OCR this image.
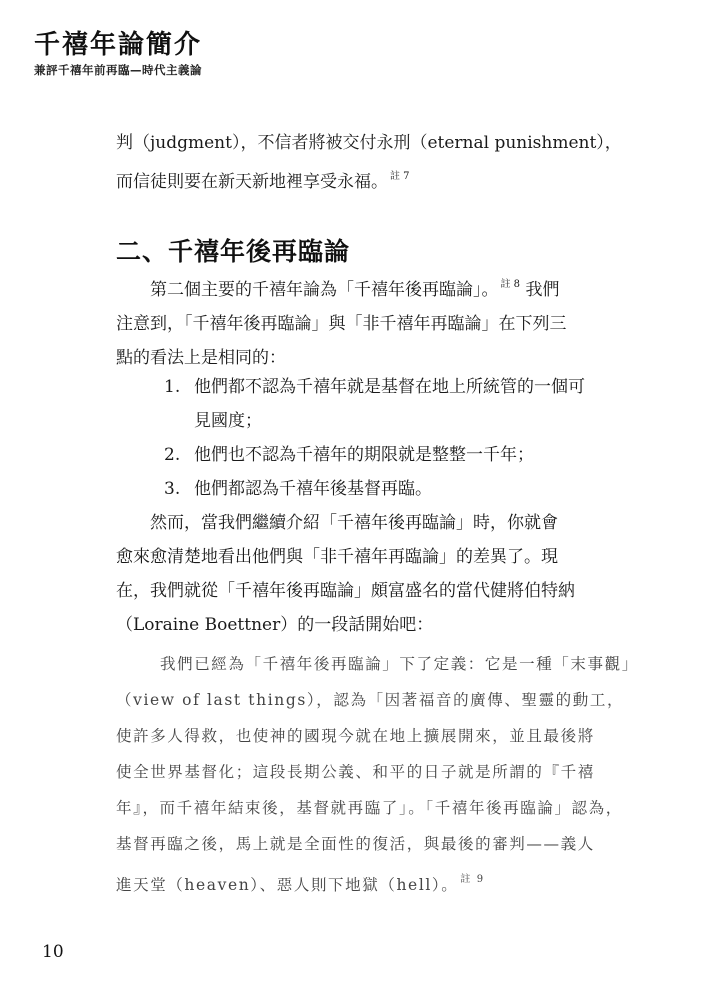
千禧年論簡介
兼評千禧年前再臨—時代主義論
判（judgment），不信者將被交付永刑（eternal punishment），
而信徒則要在新天新地裡享受永福。 $^{註 7}$
二、千禧年後再臨論
第二個主要的千禧年論為「千禧年後再臨論」。 $^{註 8}$ 我們
注意到，「千禧年後再臨論」與「非千禧年再臨論」在下列三
點的看法上是相同的：
1. 他們都不認為千禧年就是基督在地上所統管的一個可
見國度；
2. 他們也不認為千禧年的期限就是整整一千年；
3. 他們都認為千禧年後基督再臨。
然而，當我們繼續介紹「千禧年後再臨論」時，你就會
愈來愈清楚地看出他們與「非千禧年再臨論」的差異了。現
在，我們就從「千禧年後再臨論」頗富盛名的當代健將伯特納
（Loraine Boettner）的一段話開始吧：
我們已經為「千禧年後再臨論」下了定義：它是一種「末事觀」
（view of last things），認為「因著福音的廣傳、聖靈的動工，
使許多人得救，也使神的國現今就在地上擴展開來，並且最後將
使全世界基督化；這段長期公義、和平的日子就是所謂的『千禧
年』，而千禧年結束後，基督就再臨了」。「千禧年後再臨論」認為，
基督再臨之後，馬上就是全面性的復活，與最後的審判——義人
進天堂（heaven）、惡人則下地獄（hell）。 $^{註 9}$
10
